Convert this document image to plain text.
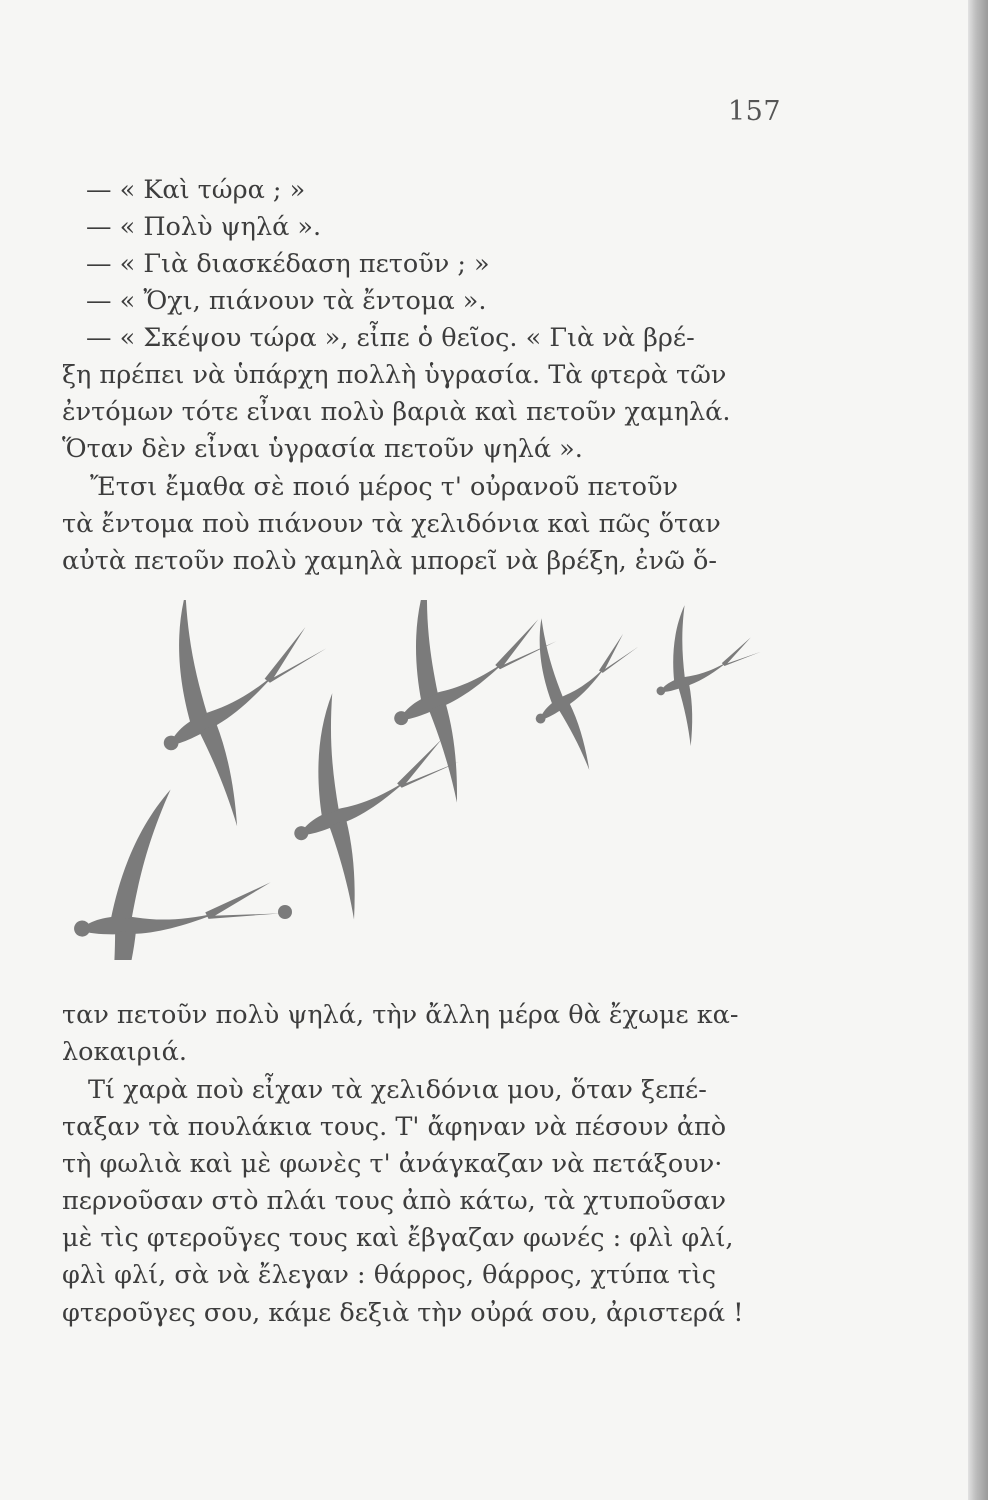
157
— « Καὶ τώρα ; »
— « Πολὺ ψηλά ».
— « Γιὰ διασκέδαση πετοῦν ; »
— « Ὄχι, πιάνουν τὰ ἔντομα ».
— « Σκέψου τώρα », εἶπε ὁ θεῖος. « Γιὰ νὰ βρέ-
ξη πρέπει νὰ ὑπάρχη πολλὴ ὑγρασία. Τὰ φτερὰ τῶν
ἐντόμων τότε εἶναι πολὺ βαριὰ καὶ πετοῦν χαμηλά.
Ὅταν δὲν εἶναι ὑγρασία πετοῦν ψηλά ».
Ἔτσι ἔμαθα σὲ ποιό μέρος τ' οὐρανοῦ πετοῦν
τὰ ἔντομα ποὺ πιάνουν τὰ χελιδόνια καὶ πῶς ὅταν
αὐτὰ πετοῦν πολὺ χαμηλὰ μπορεῖ νὰ βρέξη, ἐνῶ ὅ-
ταν πετοῦν πολὺ ψηλά, τὴν ἄλλη μέρα θὰ ἔχωμε κα-
λοκαιριά.
Τί χαρὰ ποὺ εἶχαν τὰ χελιδόνια μου, ὅταν ξεπέ-
ταξαν τὰ πουλάκια τους. Τ' ἄφηναν νὰ πέσουν ἀπὸ
τὴ φωλιὰ καὶ μὲ φωνὲς τ' ἀνάγκαζαν νὰ πετάξουν·
περνοῦσαν στὸ πλάι τους ἀπὸ κάτω, τὰ χτυποῦσαν
μὲ τὶς φτεροῦγες τους καὶ ἔβγαζαν φωνές : φλὶ φλί,
φλὶ φλί, σὰ νὰ ἔλεγαν : θάρρος, θάρρος, χτύπα τὶς
φτεροῦγες σου, κάμε δεξιὰ τὴν οὐρά σου, ἀριστερά !
